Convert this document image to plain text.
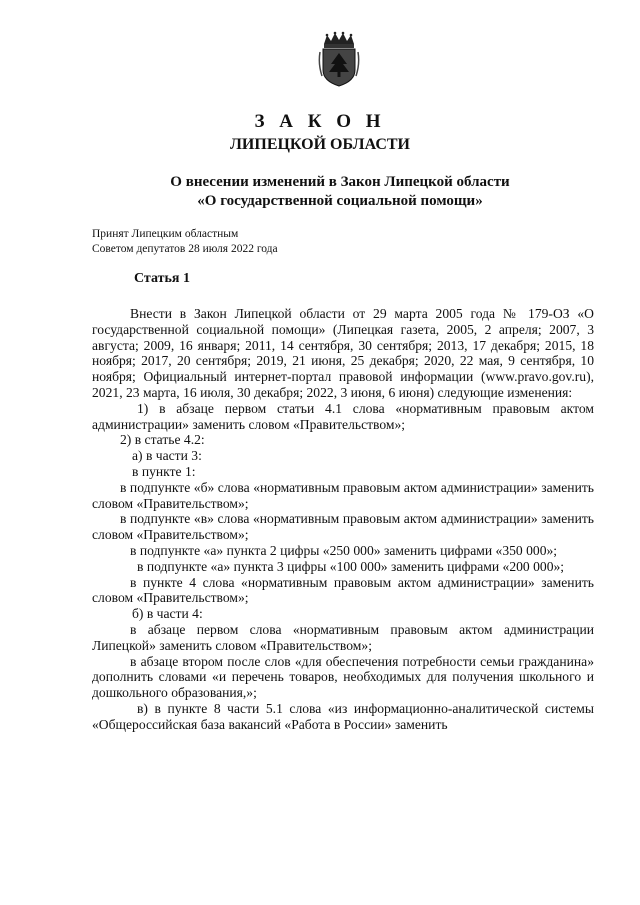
З А К О Н
ЛИПЕЦКОЙ ОБЛАСТИ
О внесении изменений в Закон Липецкой области
«О государственной социальной помощи»
Принят Липецким областным
Советом депутатов 28 июля 2022 года
Статья 1

Внести в Закон Липецкой области от 29 марта 2005 года № 179-ОЗ «О государственной социальной помощи» (Липецкая газета, 2005, 2 апреля; 2007, 3 августа; 2009, 16 января; 2011, 14 сентября, 30 сентября; 2013, 17 декабря; 2015, 18 ноября; 2017, 20 сентября; 2019, 21 июня, 25 декабря; 2020, 22 мая, 9 сентября, 10 ноября; Официальный интернет-портал правовой информации (www.pravo.gov.ru), 2021, 23 марта, 16 июля, 30 декабря; 2022, 3 июня, 6 июня) следующие изменения:

1) в абзаце первом статьи 4.1 слова «нормативным правовым актом администрации» заменить словом «Правительством»;

2) в статье 4.2:

а) в части 3:

в пункте 1:

в подпункте «б» слова «нормативным правовым актом администрации» заменить словом «Правительством»;

в подпункте «в» слова «нормативным правовым актом администрации» заменить словом «Правительством»;

в подпункте «а» пункта 2 цифры «250 000» заменить цифрами «350 000»;

в подпункте «а» пункта 3 цифры «100 000» заменить цифрами «200 000»;

в пункте 4 слова «нормативным правовым актом администрации» заменить словом «Правительством»;

б) в части 4:

в абзаце первом слова «нормативным правовым актом администрации Липецкой» заменить словом «Правительством»;

в абзаце втором после слов «для обеспечения потребности семьи гражданина» дополнить словами «и перечень товаров, необходимых для получения школьного и дошкольного образования,»;

в) в пункте 8 части 5.1 слова «из информационно-аналитической системы «Общероссийская база вакансий «Работа в России» заменить
